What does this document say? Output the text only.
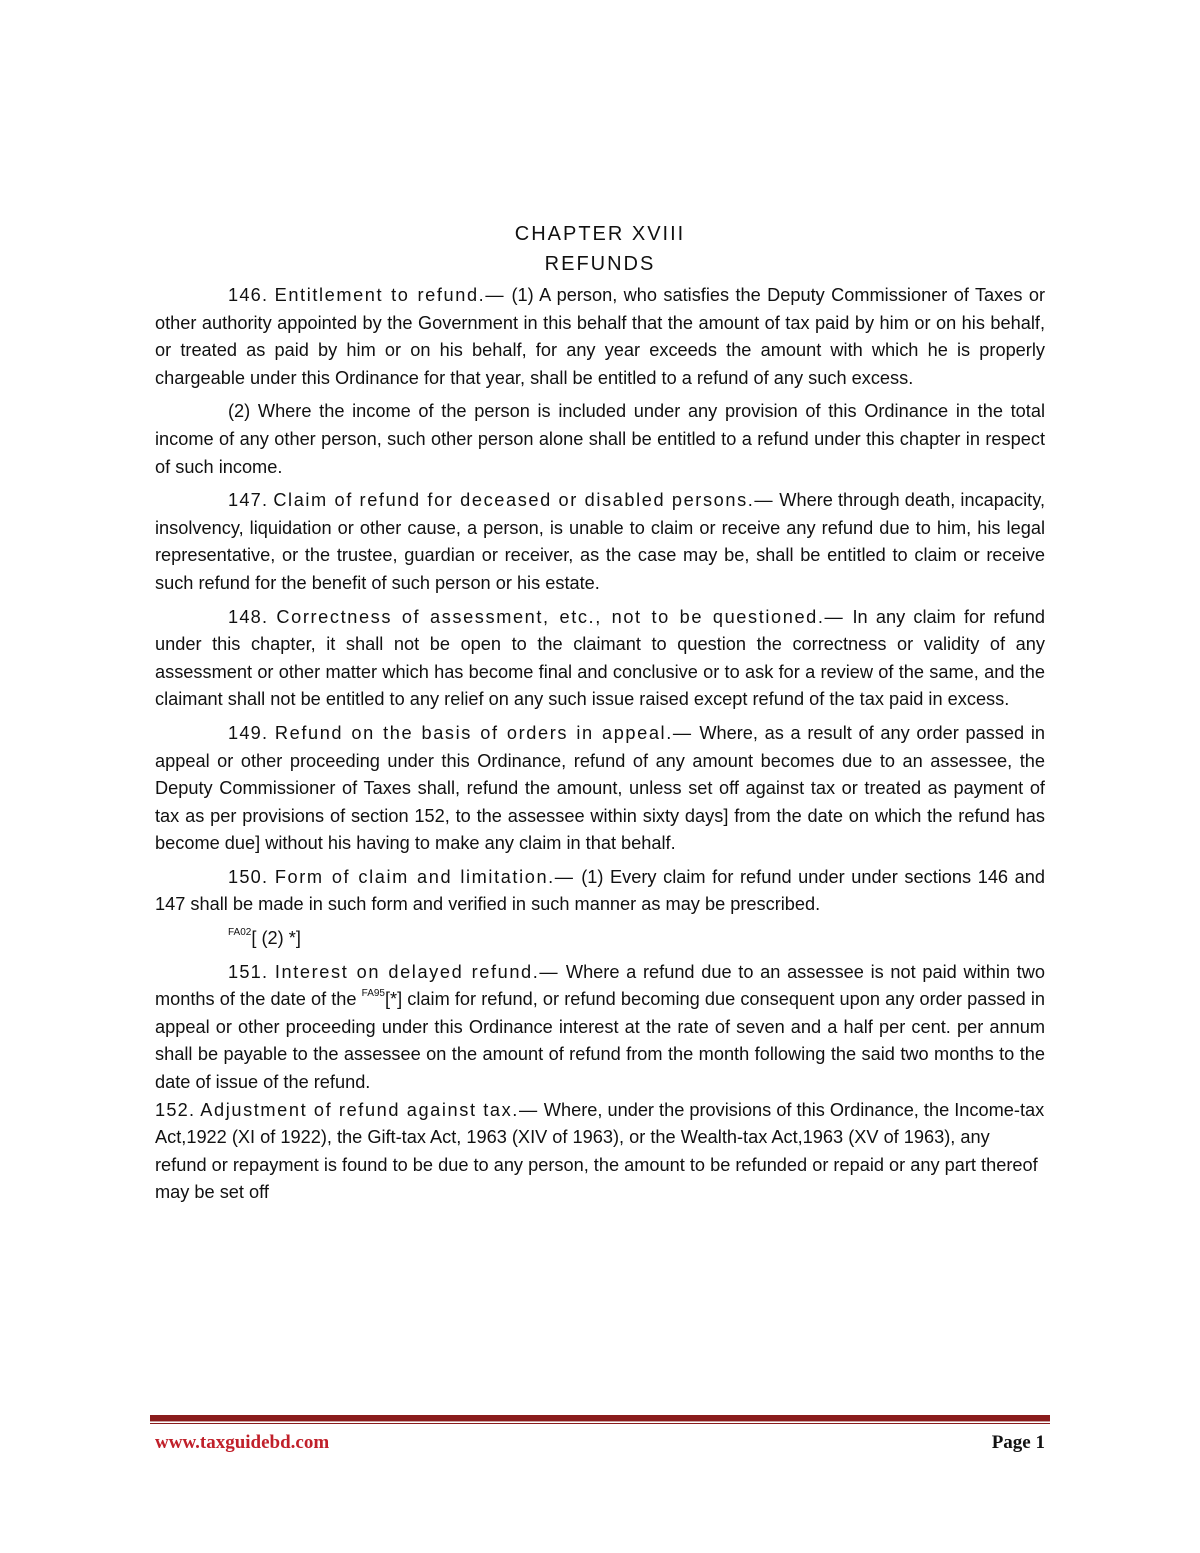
CHAPTER XVIII
REFUNDS

146. Entitlement to refund.— (1) A person, who satisfies the Deputy Commissioner of Taxes or other authority appointed by the Government in this behalf that the amount of tax paid by him or on his behalf, or treated as paid by him or on his behalf, for any year exceeds the amount with which he is properly chargeable under this Ordinance for that year, shall be entitled to a refund of any such excess.

(2) Where the income of the person is included under any provision of this Ordinance in the total income of any other person, such other person alone shall be entitled to a refund under this chapter in respect of such income.

147. Claim of refund for deceased or disabled persons.— Where through death, incapacity, insolvency, liquidation or other cause, a person, is unable to claim or receive any refund due to him, his legal representative, or the trustee, guardian or receiver, as the case may be, shall be entitled to claim or receive such refund for the benefit of such person or his estate.

148. Correctness of assessment, etc., not to be questioned.— In any claim for refund under this chapter, it shall not be open to the claimant to question the correctness or validity of any assessment or other matter which has become final and conclusive or to ask for a review of the same, and the claimant shall not be entitled to any relief on any such issue raised except refund of the tax paid in excess.

149. Refund on the basis of orders in appeal.— Where, as a result of any order passed in appeal or other proceeding under this Ordinance, refund of any amount becomes due to an assessee, the Deputy Commissioner of Taxes shall, refund the amount, unless set off against tax or treated as payment of tax as per provisions of section 152, to the assessee within sixty days] from the date on which the refund has become due] without his having to make any claim in that behalf.

150. Form of claim and limitation.— (1) Every claim for refund under under sections 146 and 147 shall be made in such form and verified in such manner as may be prescribed.

$^{FA02}$[ (2) *]

151. Interest on delayed refund.— Where a refund due to an assessee is not paid within two months of the date of the $^{FA95}$[*] claim for refund, or refund becoming due consequent upon any order passed in appeal or other proceeding under this Ordinance interest at the rate of seven and a half per cent. per annum shall be payable to the assessee on the amount of refund from the month following the said two months to the date of issue of the refund.

152. Adjustment of refund against tax.— Where, under the provisions of this Ordinance, the Income-tax Act,1922 (XI of 1922), the Gift-tax Act, 1963 (XIV of 1963), or the Wealth-tax Act,1963 (XV of 1963), any refund or repayment is found to be due to any person, the amount to be refunded or repaid or any part thereof may be set off

www.taxguidebd.com	Page 1
